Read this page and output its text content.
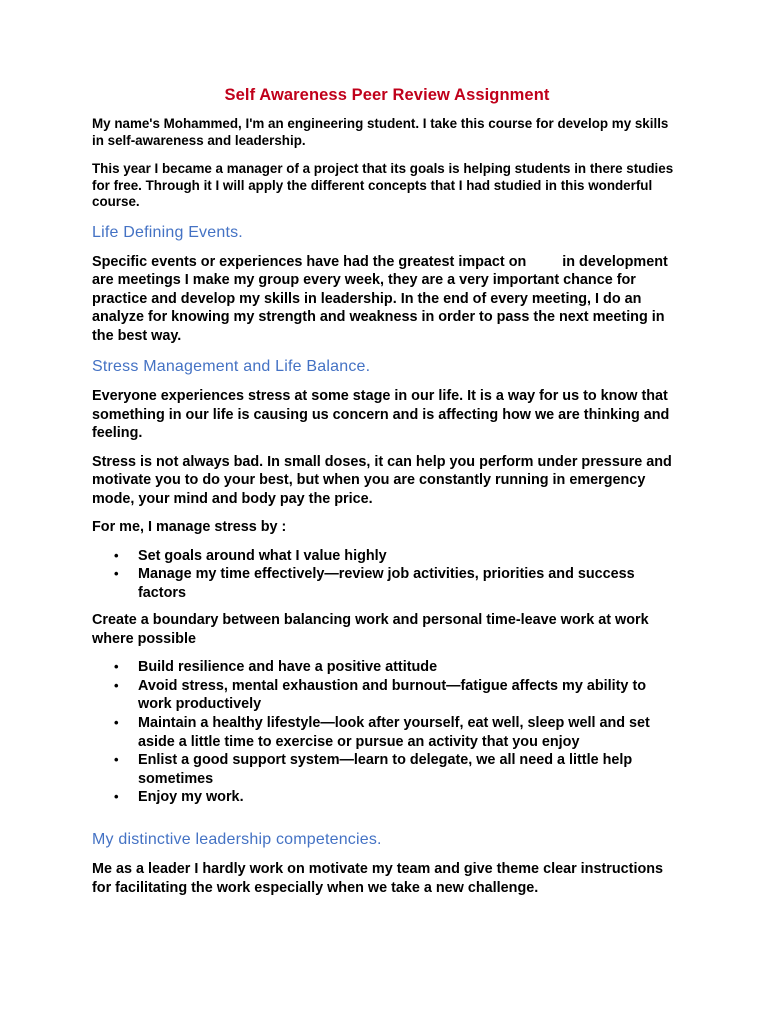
Self Awareness Peer Review Assignment

My name's Mohammed, I'm an engineering student. I take this course for develop my skills in self-awareness and leadership.

This year I became a manager of a project that its goals is helping students in there studies for free. Through it I will apply the different concepts that I had studied in this wonderful course.

Life Defining Events.

Specific events or experiences have had the greatest impact on         in development are meetings I make my group every week, they are a very important chance for practice and develop my skills in leadership. In the end of every meeting, I do an analyze for knowing my strength and weakness in order to pass the next meeting in the best way.

Stress Management and Life Balance.

Everyone experiences stress at some stage in our life. It is a way for us to know that something in our life is causing us concern and is affecting how we are thinking and feeling.

Stress is not always bad. In small doses, it can help you perform under pressure and motivate you to do your best, but when you are constantly running in emergency mode, your mind and body pay the price.

For me, I manage stress by :

• Set goals around what I value highly
• Manage my time effectively—review job activities, priorities and success factors

Create a boundary between balancing work and personal time-leave work at work where possible

• Build resilience and have a positive attitude
• Avoid stress, mental exhaustion and burnout—fatigue affects my ability to work productively
• Maintain a healthy lifestyle—look after yourself, eat well, sleep well and set aside a little time to exercise or pursue an activity that you enjoy
• Enlist a good support system—learn to delegate, we all need a little help sometimes
• Enjoy my work.
My distinctive leadership competencies.

Me as a leader I hardly work on motivate my team and give theme clear instructions for facilitating the work especially when we take a new challenge.
